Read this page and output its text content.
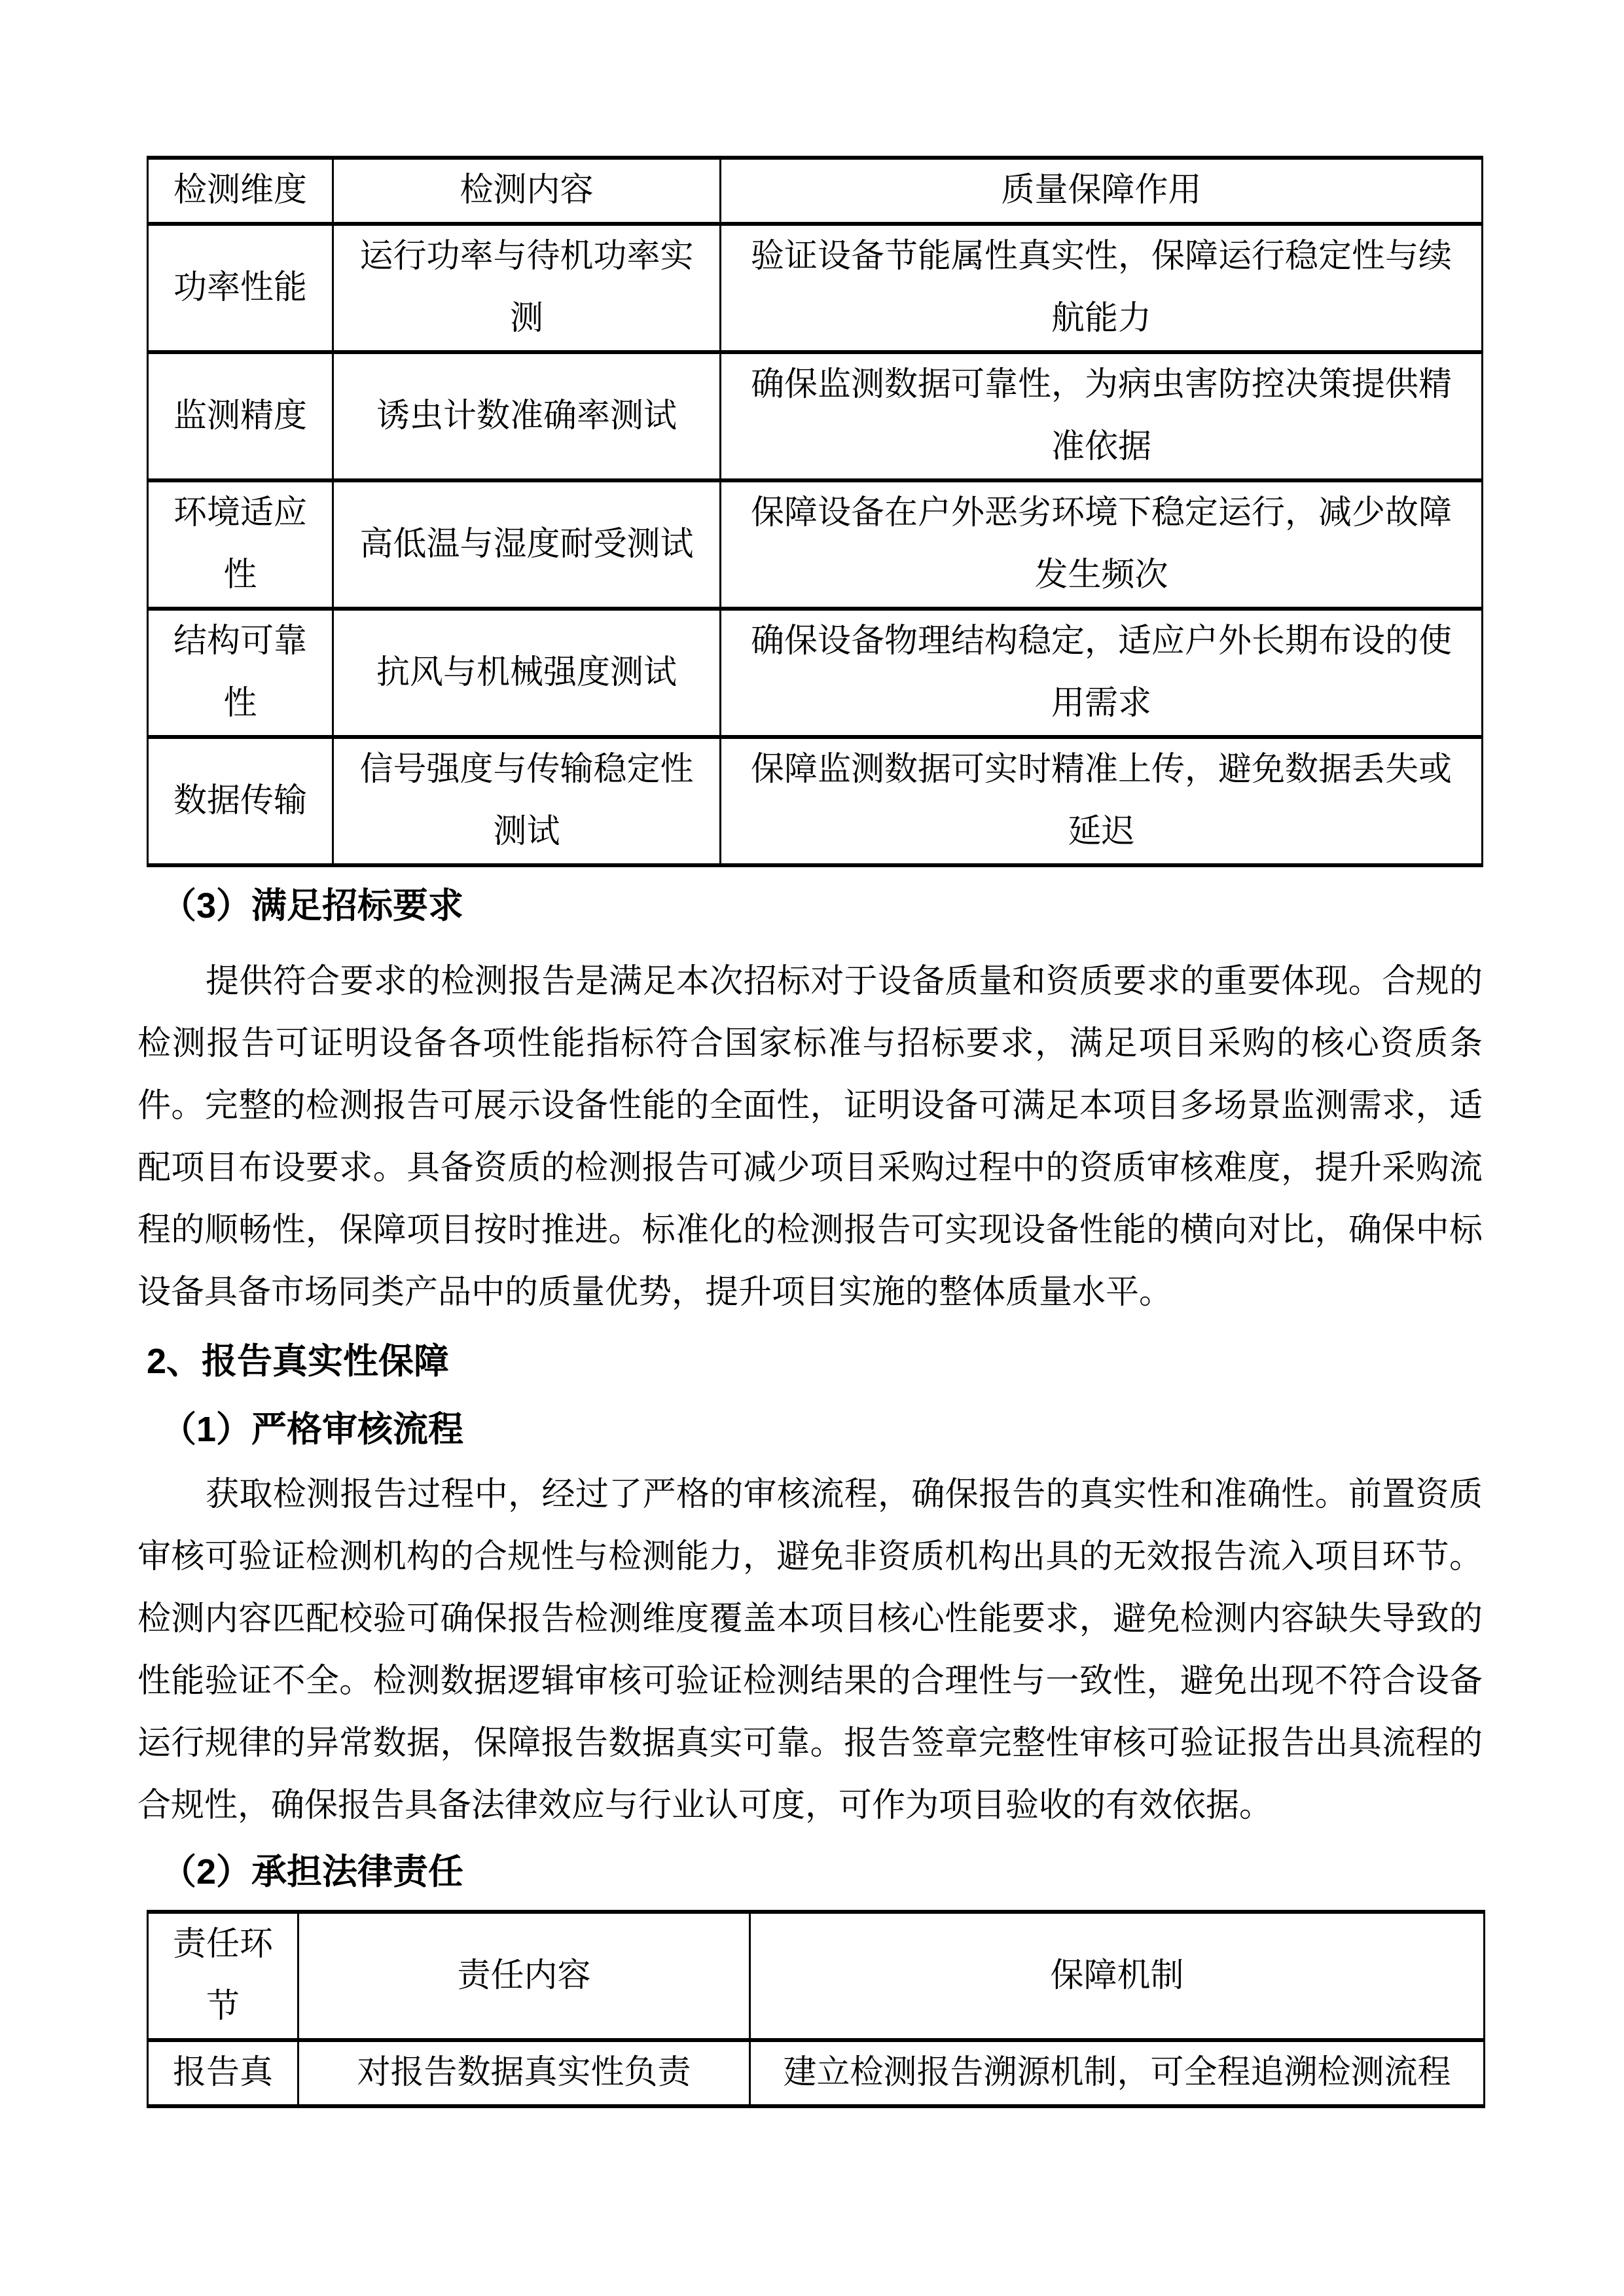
检测维度	检测内容	质量保障作用
功率性能	运行功率与待机功率实测	验证设备节能属性真实性，保障运行稳定性与续航能力
监测精度	诱虫计数准确率测试	确保监测数据可靠性，为病虫害防控决策提供精准依据
环境适应性	高低温与湿度耐受测试	保障设备在户外恶劣环境下稳定运行，减少故障发生频次
结构可靠性	抗风与机械强度测试	确保设备物理结构稳定，适应户外长期布设的使用需求
数据传输	信号强度与传输稳定性测试	保障监测数据可实时精准上传，避免数据丢失或延迟

（3）满足招标要求

提供符合要求的检测报告是满足本次招标对于设备质量和资质要求的重要体现。合规的检测报告可证明设备各项性能指标符合国家标准与招标要求，满足项目采购的核心资质条件。完整的检测报告可展示设备性能的全面性，证明设备可满足本项目多场景监测需求，适配项目布设要求。具备资质的检测报告可减少项目采购过程中的资质审核难度，提升采购流程的顺畅性，保障项目按时推进。标准化的检测报告可实现设备性能的横向对比，确保中标设备具备市场同类产品中的质量优势，提升项目实施的整体质量水平。

2、报告真实性保障

（1）严格审核流程

获取检测报告过程中，经过了严格的审核流程，确保报告的真实性和准确性。前置资质审核可验证检测机构的合规性与检测能力，避免非资质机构出具的无效报告流入项目环节。检测内容匹配校验可确保报告检测维度覆盖本项目核心性能要求，避免检测内容缺失导致的性能验证不全。检测数据逻辑审核可验证检测结果的合理性与一致性，避免出现不符合设备运行规律的异常数据，保障报告数据真实可靠。报告签章完整性审核可验证报告出具流程的合规性，确保报告具备法律效应与行业认可度，可作为项目验收的有效依据。

（2）承担法律责任

责任环节	责任内容	保障机制
报告真	对报告数据真实性负责	建立检测报告溯源机制，可全程追溯检测流程
